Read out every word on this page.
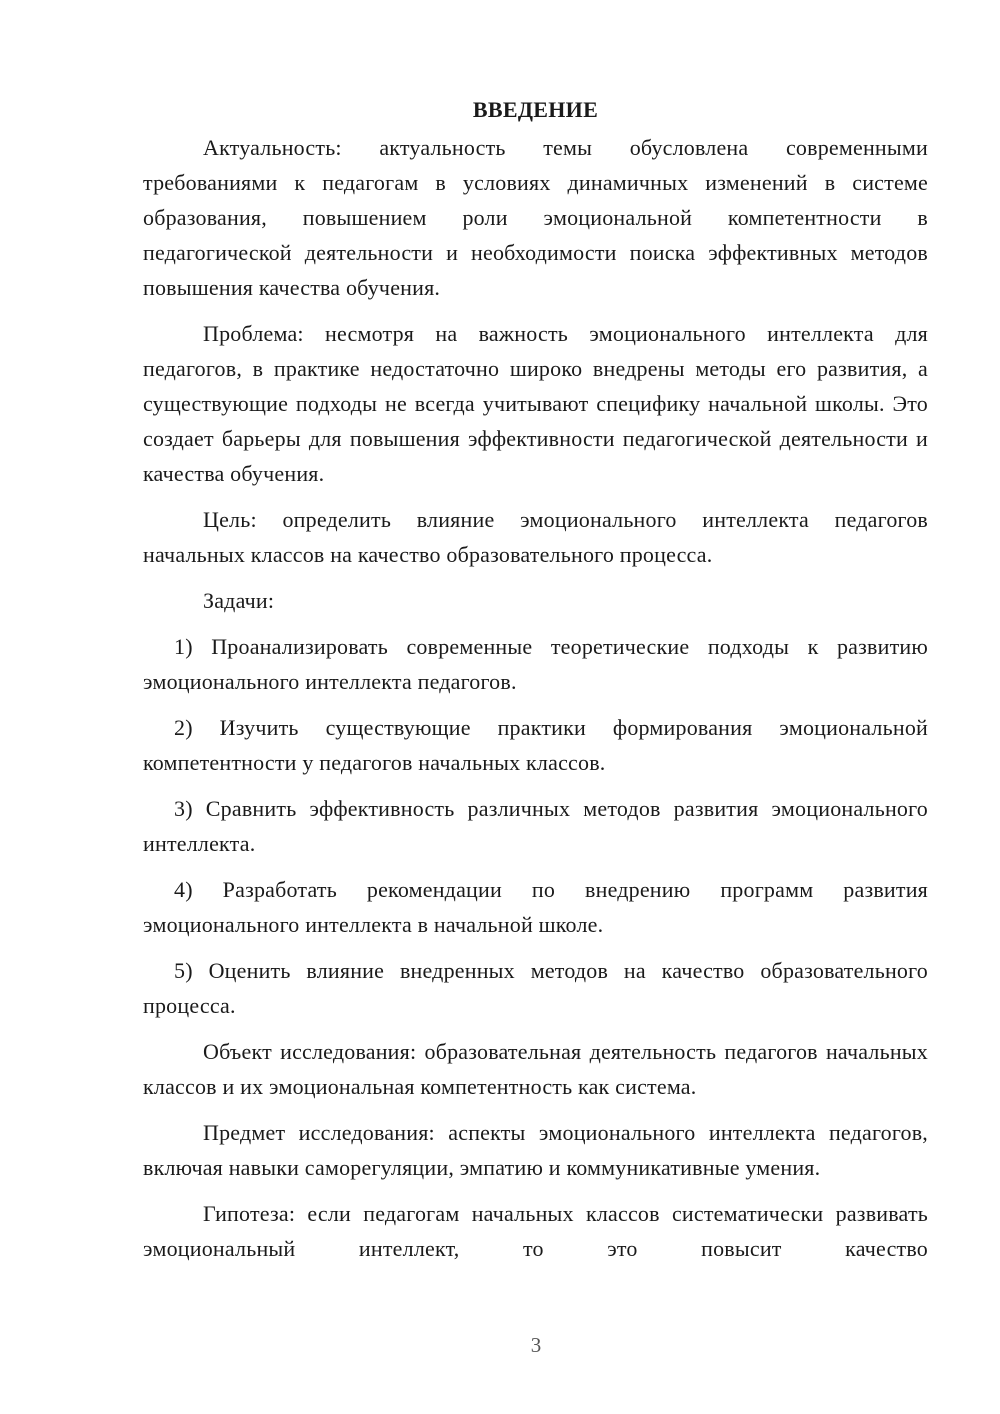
ВВЕДЕНИЕ

Актуальность: актуальность темы обусловлена современными требованиями к педагогам в условиях динамичных изменений в системе образования, повышением роли эмоциональной компетентности в педагогической деятельности и необходимости поиска эффективных методов повышения качества обучения.

Проблема: несмотря на важность эмоционального интеллекта для педагогов, в практике недостаточно широко внедрены методы его развития, а существующие подходы не всегда учитывают специфику начальной школы. Это создает барьеры для повышения эффективности педагогической деятельности и качества обучения.

Цель: определить влияние эмоционального интеллекта педагогов начальных классов на качество образовательного процесса.

Задачи:

1) Проанализировать современные теоретические подходы к развитию эмоционального интеллекта педагогов.

2) Изучить существующие практики формирования эмоциональной компетентности у педагогов начальных классов.

3) Сравнить эффективность различных методов развития эмоционального интеллекта.

4) Разработать рекомендации по внедрению программ развития эмоционального интеллекта в начальной школе.

5) Оценить влияние внедренных методов на качество образовательного процесса.

Объект исследования: образовательная деятельность педагогов начальных классов и их эмоциональная компетентность как система.

Предмет исследования: аспекты эмоционального интеллекта педагогов, включая навыки саморегуляции, эмпатию и коммуникативные умения.

Гипотеза: если педагогам начальных классов систематически развивать эмоциональный интеллект, то это повысит качество

3
